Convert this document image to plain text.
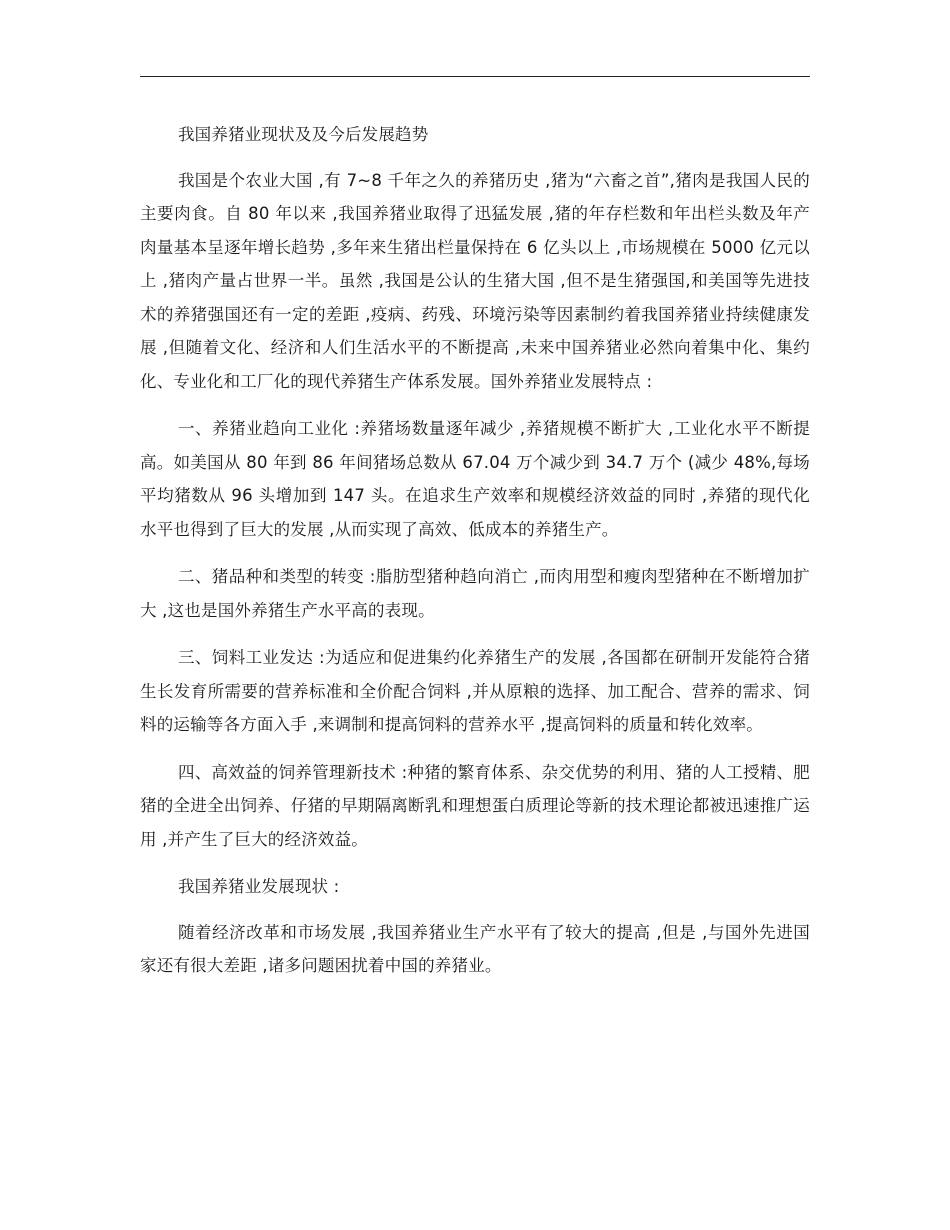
我国养猪业现状及及今后发展趋势

我国是个农业大国 ,有 7~8 千年之久的养猪历史 ,猪为“六畜之首”,猪肉是我国人民的主要肉食。自 80 年以来 ,我国养猪业取得了迅猛发展 ,猪的年存栏数和年出栏头数及年产肉量基本呈逐年增长趋势 ,多年来生猪出栏量保持在 6 亿头以上 ,市场规模在 5000 亿元以上 ,猪肉产量占世界一半。虽然 ,我国是公认的生猪大国 ,但不是生猪强国,和美国等先进技术的养猪强国还有一定的差距 ,疫病、药残、环境污染等因素制约着我国养猪业持续健康发展 ,但随着文化、经济和人们生活水平的不断提高 ,未来中国养猪业必然向着集中化、集约化、专业化和工厂化的现代养猪生产体系发展。国外养猪业发展特点 :

一、养猪业趋向工业化 :养猪场数量逐年减少 ,养猪规模不断扩大 ,工业化水平不断提高。如美国从 80 年到 86 年间猪场总数从 67.04 万个减少到 34.7 万个 (减少 48%,每场平均猪数从 96 头增加到 147 头。在追求生产效率和规模经济效益的同时 ,养猪的现代化水平也得到了巨大的发展 ,从而实现了高效、低成本的养猪生产。

二、猪品种和类型的转变 :脂肪型猪种趋向消亡 ,而肉用型和瘦肉型猪种在不断增加扩大 ,这也是国外养猪生产水平高的表现。

三、饲料工业发达 :为适应和促进集约化养猪生产的发展 ,各国都在研制开发能符合猪生长发育所需要的营养标准和全价配合饲料 ,并从原粮的选择、加工配合、营养的需求、饲料的运输等各方面入手 ,来调制和提高饲料的营养水平 ,提高饲料的质量和转化效率。

四、高效益的饲养管理新技术 :种猪的繁育体系、杂交优势的利用、猪的人工授精、肥猪的全进全出饲养、仔猪的早期隔离断乳和理想蛋白质理论等新的技术理论都被迅速推广运用 ,并产生了巨大的经济效益。

我国养猪业发展现状 :

随着经济改革和市场发展 ,我国养猪业生产水平有了较大的提高 ,但是 ,与国外先进国家还有很大差距 ,诸多问题困扰着中国的养猪业。
